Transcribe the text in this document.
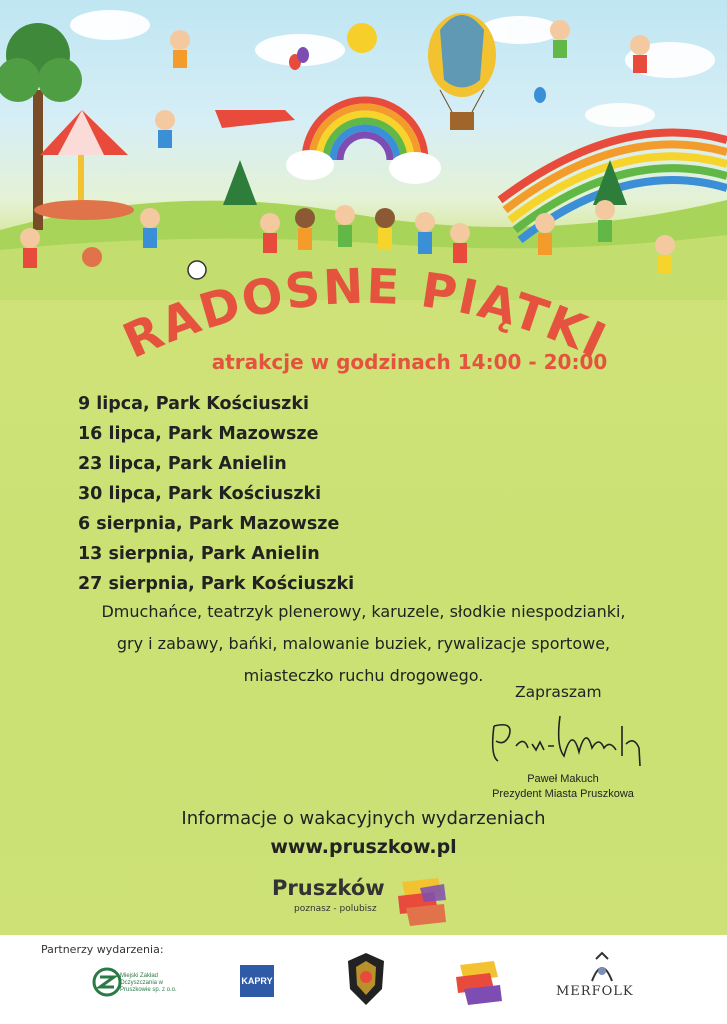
RADOSNE PIĄTKI
atrakcje w godzinach 14:00 - 20:00
9 lipca, Park Kościuszki
16 lipca, Park Mazowsze
23 lipca, Park Anielin
30 lipca, Park Kościuszki
6 sierpnia, Park Mazowsze
13 sierpnia, Park Anielin
27 sierpnia, Park Kościuszki
Dmuchańce, teatrzyk plenerowy, karuzele, słodkie niespodzianki,
gry i zabawy, bańki, malowanie buziek, rywalizacje sportowe,
miasteczko ruchu drogowego.
Zapraszam
Paweł Makuch
Prezydent Miasta Pruszkowa
Informacje o wakacyjnych wydarzeniach
www.pruszkow.pl
Pruszków
poznasz - polubisz
Partnerzy wydarzenia:
Miejski Zakład Oczyszczania w Pruszkowie sp. z o.o.
KAPRY
MERFOLK
